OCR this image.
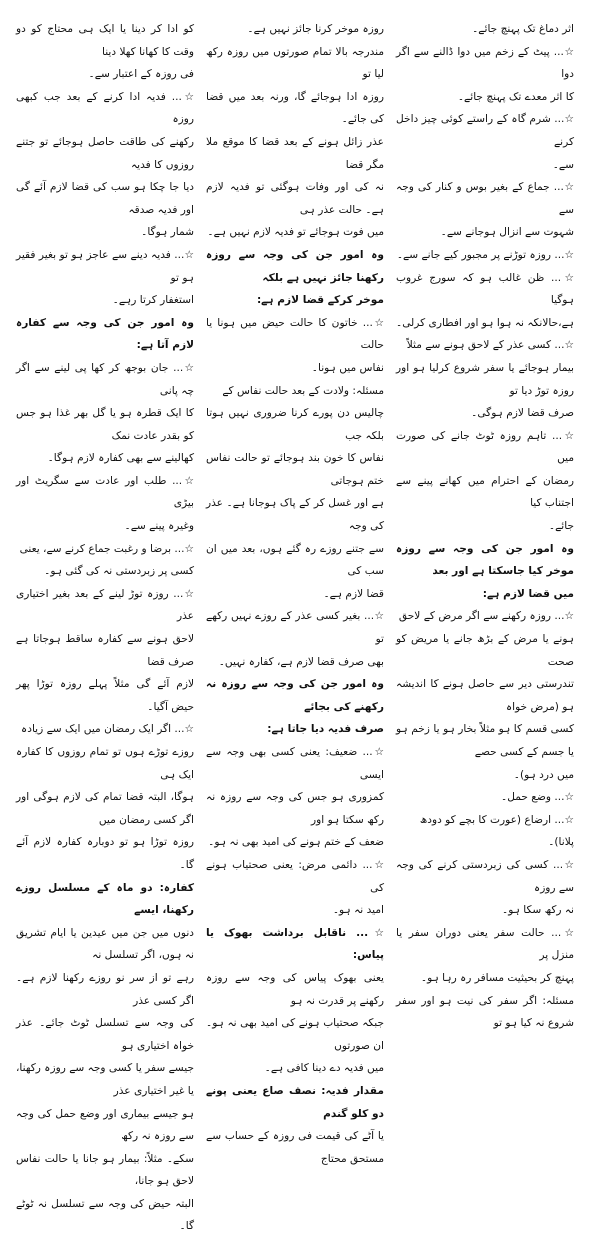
اثر دماغ تک پہنچ جائے۔

☆... پیٹ کے زخم میں دوا ڈالنے سے اگر دوا

کا اثر معدے تک پہنچ جائے۔

☆... شرم گاہ کے راستے کوئی چیز داخل کرنے

سے۔

☆... جماع کے بغیر بوس و کنار کی وجہ سے

شہوت سے انزال ہوجانے سے۔

☆... روزہ توڑنے پر مجبور کیے جانے سے۔

☆... ظن غالب ہو کہ سورج غروب ہوگیا

ہے،حالانکہ نہ ہوا ہو اور افطاری کرلی۔

☆... کسی عذر کے لاحق ہونے سے مثلاً

بیمار ہوجائے یا سفر شروع کرلیا ہو اور روزہ توڑ دیا تو

صرف قضا لازم ہوگی۔

☆... تاہم روزہ ٹوٹ جانے کی صورت میں

رمضان کے احترام میں کھانے پینے سے اجتناب کیا

جائے۔

وہ امور جن کی وجہ سے روزہ موخر کیا جاسکتا ہے اور بعد

میں قضا لازم ہے:

☆... روزہ رکھنے سے اگر مرض کے لاحق

ہونے یا مرض کے بڑھ جانے یا مریض کو صحت

تندرستی دیر سے حاصل ہونے کا اندیشہ ہو (مرض خواہ

کسی قسم کا ہو مثلاً بخار ہو یا زخم ہو یا جسم کے کسی حصے

میں درد ہو)۔

☆... وضع حمل۔

☆... ارضاع (عورت کا بچے کو دودھ

پلانا)۔

☆... کسی کی زبردستی کرنے کی وجہ سے روزہ

نہ رکھ سکا ہو۔

☆... حالت سفر یعنی دوران سفر یا منزل پر

پہنچ کر بحیثیت مسافر رہ رہا ہو۔

مسئلہ: اگر سفر کی نیت ہو اور سفر شروع نہ کیا ہو تو

روزہ موخر کرنا جائز نہیں ہے۔

مندرجہ بالا تمام صورتوں میں روزہ رکھ لیا تو

روزہ ادا ہوجائے گا، ورنہ بعد میں قضا کی جائے۔

عذر زائل ہونے کے بعد قضا کا موقع ملا مگر قضا

نہ کی اور وفات ہوگئی تو فدیہ لازم ہے۔ حالت عذر ہی

میں فوت ہوجائے تو فدیہ لازم نہیں ہے۔

وہ امور جن کی وجہ سے روزہ رکھنا جائز نہیں ہے بلکہ

موخر کرکے قضا لازم ہے:

☆... خاتون کا حالت حیض میں ہونا یا حالت

نفاس میں ہونا۔

مسئلہ: ولادت کے بعد حالت نفاس کے

چالیس دن پورے کرنا ضروری نہیں ہوتا بلکہ جب

نفاس کا خون بند ہوجائے تو حالت نفاس ختم ہوجاتی

ہے اور غسل کر کے پاک ہوجانا ہے۔ عذر کی وجہ

سے جتنے روزے رہ گئے ہوں، بعد میں ان سب کی

قضا لازم ہے۔

☆... بغیر کسی عذر کے روزے نہیں رکھے تو

بھی صرف قضا لازم ہے، کفارہ نہیں۔

وہ امور جن کی وجہ سے روزہ نہ رکھنے کی بجائے

صرف فدیہ دیا جاتا ہے:

☆... ضعیف: یعنی کسی بھی وجہ سے ایسی

کمزوری ہو جس کی وجہ سے روزہ نہ رکھ سکتا ہو اور

ضعف کے ختم ہونے کی امید بھی نہ ہو۔

☆... دائمی مرض: یعنی صحتیاب ہونے کی

امید نہ ہو۔

☆... ناقابل برداشت بھوک یا پیاس:

یعنی بھوک پیاس کی وجہ سے روزہ رکھنے پر قدرت نہ ہو

جبکہ صحتیاب ہونے کی امید بھی نہ ہو۔ ان صورتوں

میں فدیہ دے دینا کافی ہے۔

مقدار فدیہ: نصف صاع یعنی پونے دو کلو گندم

یا آٹے کی قیمت فی روزہ کے حساب سے مستحق محتاج

کو ادا کر دینا یا ایک ہی محتاج کو دو وقت کا کھانا کھلا دینا

فی روزہ کے اعتبار سے۔

☆... فدیہ ادا کرنے کے بعد جب کبھی روزہ

رکھنے کی طاقت حاصل ہوجائے تو جتنے روزوں کا فدیہ

دیا جا چکا ہو سب کی قضا لازم آئے گی اور فدیہ صدقہ

شمار ہوگا۔

☆... فدیہ دینے سے عاجز ہو تو بغیر فقیر ہو تو

استغفار کرتا رہے۔

وہ امور جن کی وجہ سے کفارہ لازم آتا ہے:

☆... جان بوجھ کر کھا پی لینے سے اگر چہ پانی

کا ایک قطرہ ہو یا گل بھر غذا ہو جس کو بقدر عادت نمک

کھالینے سے بھی کفارہ لازم ہوگا۔

☆... طلب اور عادت سے سگریٹ اور بیڑی

وغیرہ پینے سے۔

☆... برضا و رغبت جماع کرنے سے، یعنی

کسی پر زبردستی نہ کی گئی ہو۔

☆... روزہ توڑ لینے کے بعد بغیر اختیاری عذر

لاحق ہونے سے کفارہ ساقط ہوجاتا ہے صرف قضا

لازم آئے گی مثلاً پہلے روزہ توڑا پھر حیض آگیا۔

☆... اگر ایک رمضان میں ایک سے زیادہ

روزے توڑے ہوں تو تمام روزوں کا کفارہ ایک ہی

ہوگا، البتہ قضا تمام کی لازم ہوگی اور اگر کسی رمضان میں

روزہ توڑا ہو تو دوبارہ کفارہ لازم آئے گا۔

کفارہ: دو ماہ کے مسلسل روزے رکھنا، ایسے

دنوں میں جن میں عیدین یا ایام تشریق نہ ہوں، اگر تسلسل نہ

رہے تو از سر نو روزے رکھنا لازم ہے۔ اگر کسی عذر

کی وجہ سے تسلسل ٹوٹ جائے۔ عذر خواہ اختیاری ہو

جیسے سفر یا کسی وجہ سے روزہ رکھنا، یا غیر اختیاری عذر

ہو جیسے بیماری اور وضع حمل کی وجہ سے روزہ نہ رکھ

سکے۔ مثلاً: بیمار ہو جانا یا حالت نفاس لاحق ہو جانا،

البتہ حیض کی وجہ سے تسلسل نہ ٹوٹے گا۔
